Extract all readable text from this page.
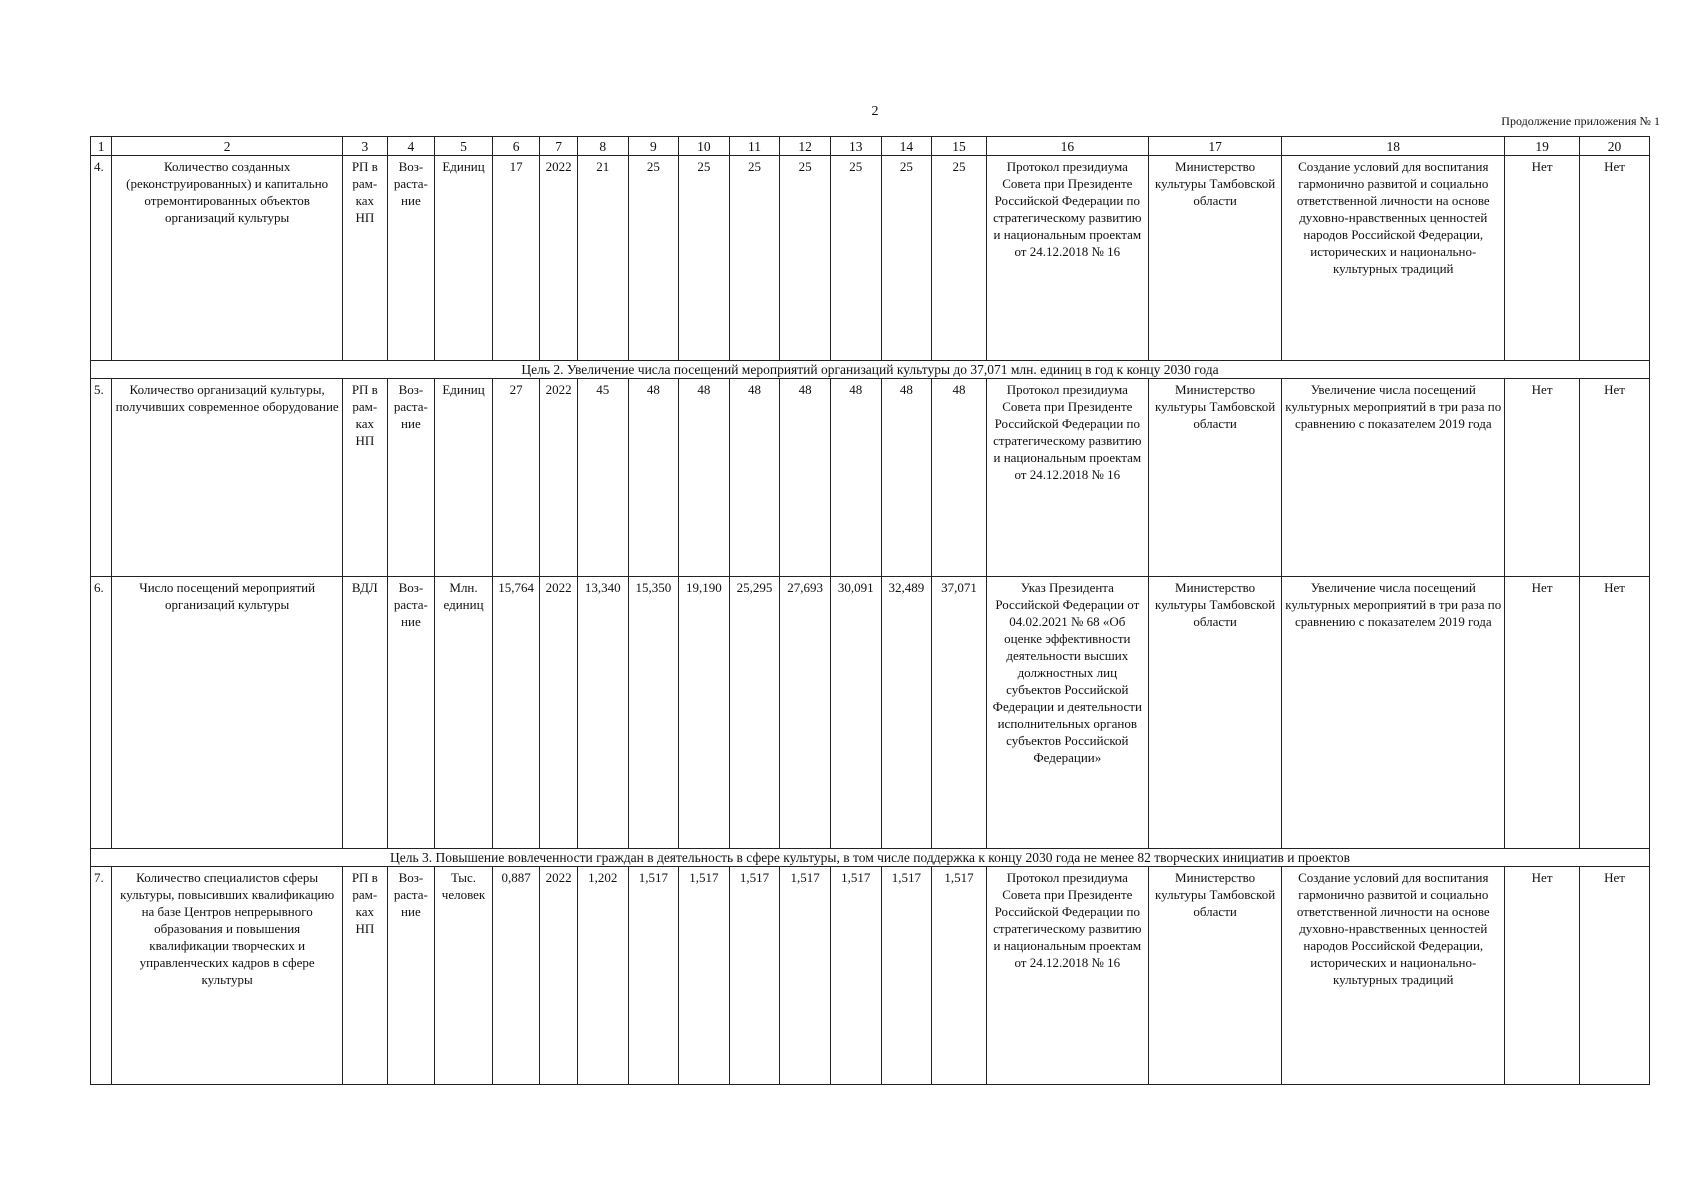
2
Продолжение приложения № 1
1	2	3	4	5	6	7	8	9	10	11	12	13	14	15	16	17	18	19	20
4.	Количество созданных (реконструированных) и капитально отремонтированных объектов организаций культуры	РП в рам-ках НП	Воз-раста-ние	Единиц	17	2022	21	25	25	25	25	25	25	25	Протокол президиума Совета при Президенте Российской Федерации по стратегическому развитию и национальным проектам от 24.12.2018 № 16	Министерство культуры Тамбовской области	Создание условий для воспитания гармонично развитой и социально ответственной личности на основе духовно-нравственных ценностей народов Российской Федерации, исторических и национально-культурных традиций	Нет	Нет
Цель 2. Увеличение числа посещений мероприятий организаций культуры до 37,071 млн. единиц в год к концу 2030 года																			
5.	Количество организаций культуры, получивших современное оборудование	РП в рам-ках НП	Воз-раста-ние	Единиц	27	2022	45	48	48	48	48	48	48	48	Протокол президиума Совета при Президенте Российской Федерации по стратегическому развитию и национальным проектам от 24.12.2018 № 16	Министерство культуры Тамбовской области	Увеличение числа посещений культурных мероприятий в три раза по сравнению с показателем 2019 года	Нет	Нет
6.	Число посещений мероприятий организаций культуры	ВДЛ	Воз-раста-ние	Млн. единиц	15,764	2022	13,340	15,350	19,190	25,295	27,693	30,091	32,489	37,071	Указ Президента Российской Федерации от 04.02.2021 № 68 «Об оценке эффективности деятельности высших должностных лиц субъектов Российской Федерации и деятельности исполнительных органов субъектов Российской Федерации»	Министерство культуры Тамбовской области	Увеличение числа посещений культурных мероприятий в три раза по сравнению с показателем 2019 года	Нет	Нет
Цель 3. Повышение вовлеченности граждан в деятельность в сфере культуры, в том числе поддержка к концу 2030 года не менее 82 творческих инициатив и проектов																			
7.	Количество специалистов сферы культуры, повысивших квалификацию на базе Центров непрерывного образования и повышения квалификации творческих и управленческих кадров в сфере культуры	РП в рам-ках НП	Воз-раста-ние	Тыс. человек	0,887	2022	1,202	1,517	1,517	1,517	1,517	1,517	1,517	1,517	Протокол президиума Совета при Президенте Российской Федерации по стратегическому развитию и национальным проектам от 24.12.2018 № 16	Министерство культуры Тамбовской области	Создание условий для воспитания гармонично развитой и социально ответственной личности на основе духовно-нравственных ценностей народов Российской Федерации, исторических и национально-культурных традиций	Нет	Нет
